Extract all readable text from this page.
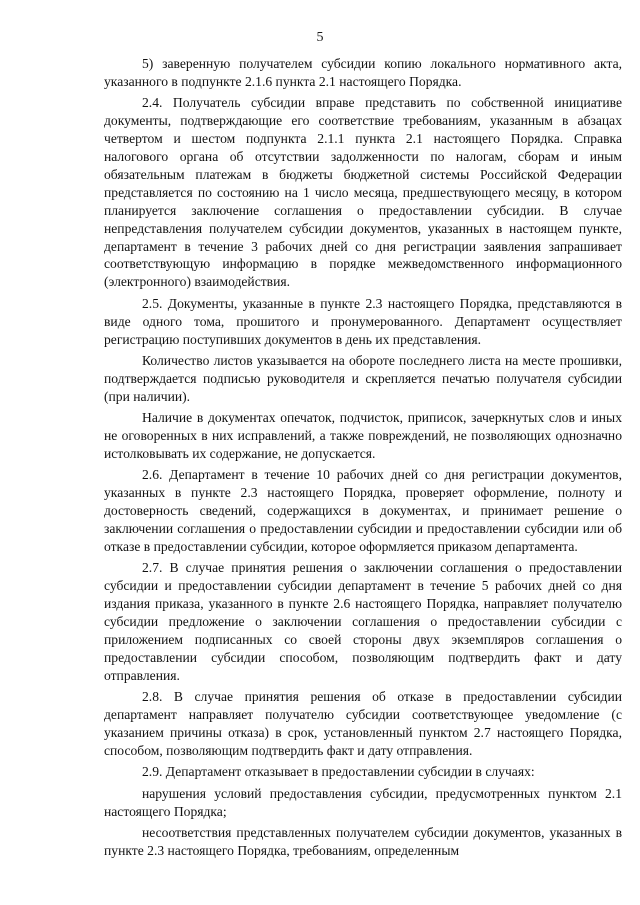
5

5) заверенную получателем субсидии копию локального нормативного акта, указанного в подпункте 2.1.6 пункта 2.1 настоящего Порядка.

2.4. Получатель субсидии вправе представить по собственной инициативе документы, подтверждающие его соответствие требованиям, указанным в абзацах четвертом и шестом подпункта 2.1.1 пункта 2.1 настоящего Порядка. Справка налогового органа об отсутствии задолженности по налогам, сборам и иным обязательным платежам в бюджеты бюджетной системы Российской Федерации представляется по состоянию на 1 число месяца, предшествующего месяцу, в котором планируется заключение соглашения о предоставлении субсидии. В случае непредставления получателем субсидии документов, указанных в настоящем пункте, департамент в течение 3 рабочих дней со дня регистрации заявления запрашивает соответствующую информацию в порядке межведомственного информационного (электронного) взаимодействия.

2.5. Документы, указанные в пункте 2.3 настоящего Порядка, представляются в виде одного тома, прошитого и пронумерованного. Департамент осуществляет регистрацию поступивших документов в день их представления.

Количество листов указывается на обороте последнего листа на месте прошивки, подтверждается подписью руководителя и скрепляется печатью получателя субсидии (при наличии).

Наличие в документах опечаток, подчисток, приписок, зачеркнутых слов и иных не оговоренных в них исправлений, а также повреждений, не позволяющих однозначно истолковывать их содержание, не допускается.

2.6. Департамент в течение 10 рабочих дней со дня регистрации документов, указанных в пункте 2.3 настоящего Порядка, проверяет оформление, полноту и достоверность сведений, содержащихся в документах, и принимает решение о заключении соглашения о предоставлении субсидии и предоставлении субсидии или об отказе в предоставлении субсидии, которое оформляется приказом департамента.

2.7. В случае принятия решения о заключении соглашения о предоставлении субсидии и предоставлении субсидии департамент в течение 5 рабочих дней со дня издания приказа, указанного в пункте 2.6 настоящего Порядка, направляет получателю субсидии предложение о заключении соглашения о предоставлении субсидии с приложением подписанных со своей стороны двух экземпляров соглашения о предоставлении субсидии способом, позволяющим подтвердить факт и дату отправления.

2.8. В случае принятия решения об отказе в предоставлении субсидии департамент направляет получателю субсидии соответствующее уведомление (с указанием причины отказа) в срок, установленный пунктом 2.7 настоящего Порядка, способом, позволяющим подтвердить факт и дату отправления.

2.9. Департамент отказывает в предоставлении субсидии в случаях:

нарушения условий предоставления субсидии, предусмотренных пунктом 2.1 настоящего Порядка;

несоответствия представленных получателем субсидии документов, указанных в пункте 2.3 настоящего Порядка, требованиям, определенным
